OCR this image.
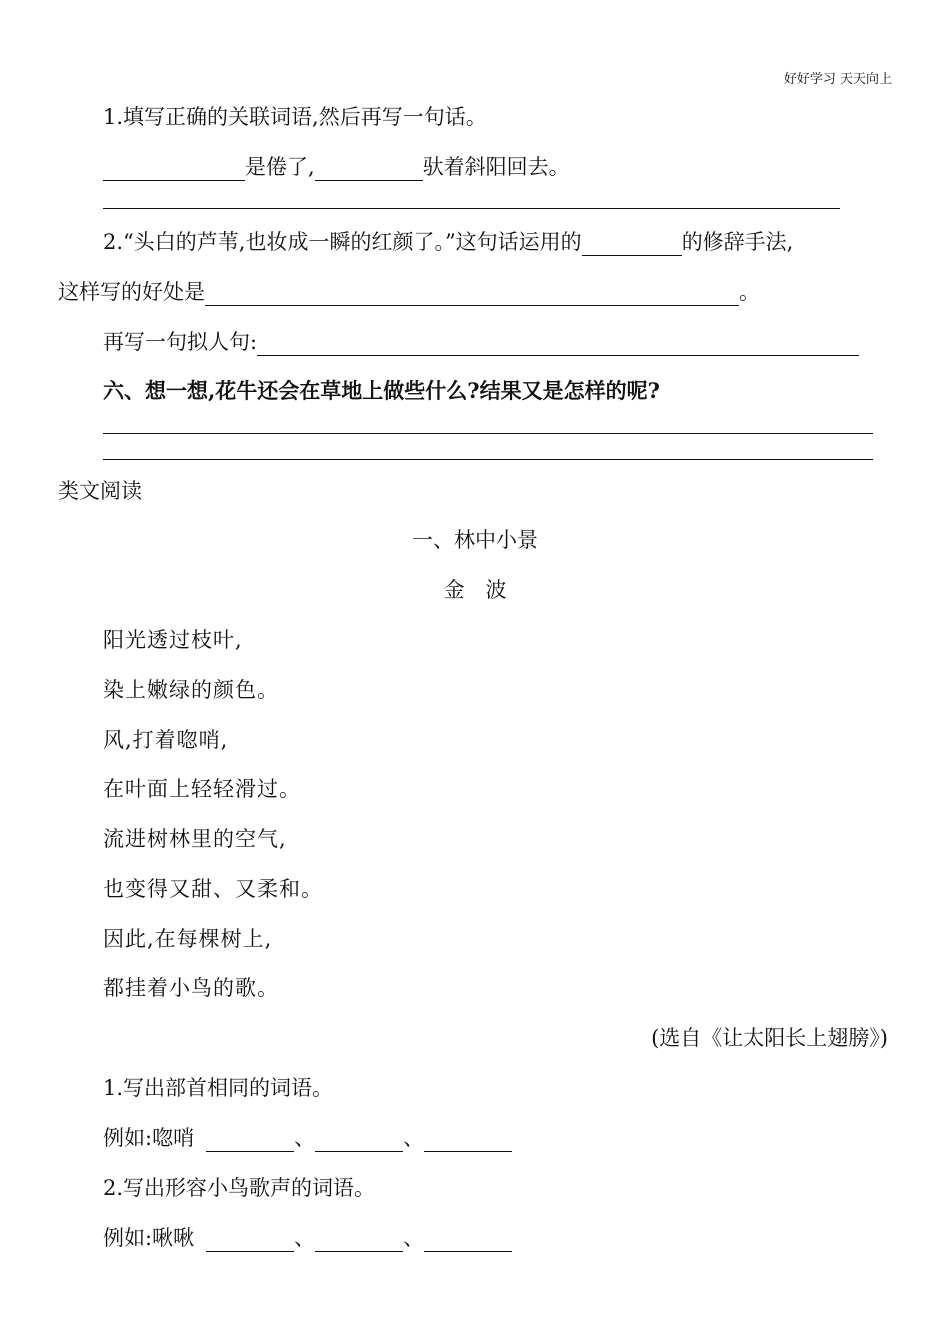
好好学习 天天向上
1.填写正确的关联词语,然后再写一句话。
是倦了,	驮着斜阳回去。
2.“头白的芦苇,也妆成一瞬的红颜了。”这句话运用的	的修辞手法,
这样写的好处是	。
再写一句拟人句:
六、想一想,花牛还会在草地上做些什么?结果又是怎样的呢?
类文阅读
一、林中小景
金　波
阳光透过枝叶,
染上嫩绿的颜色。
风,打着唿哨,
在叶面上轻轻滑过。
流进树林里的空气,
也变得又甜、又柔和。
因此,在每棵树上,
都挂着小鸟的歌。
(选自《让太阳长上翅膀》)
1.写出部首相同的词语。
例如:唿哨	、	、
2.写出形容小鸟歌声的词语。
例如:啾啾	、	、
